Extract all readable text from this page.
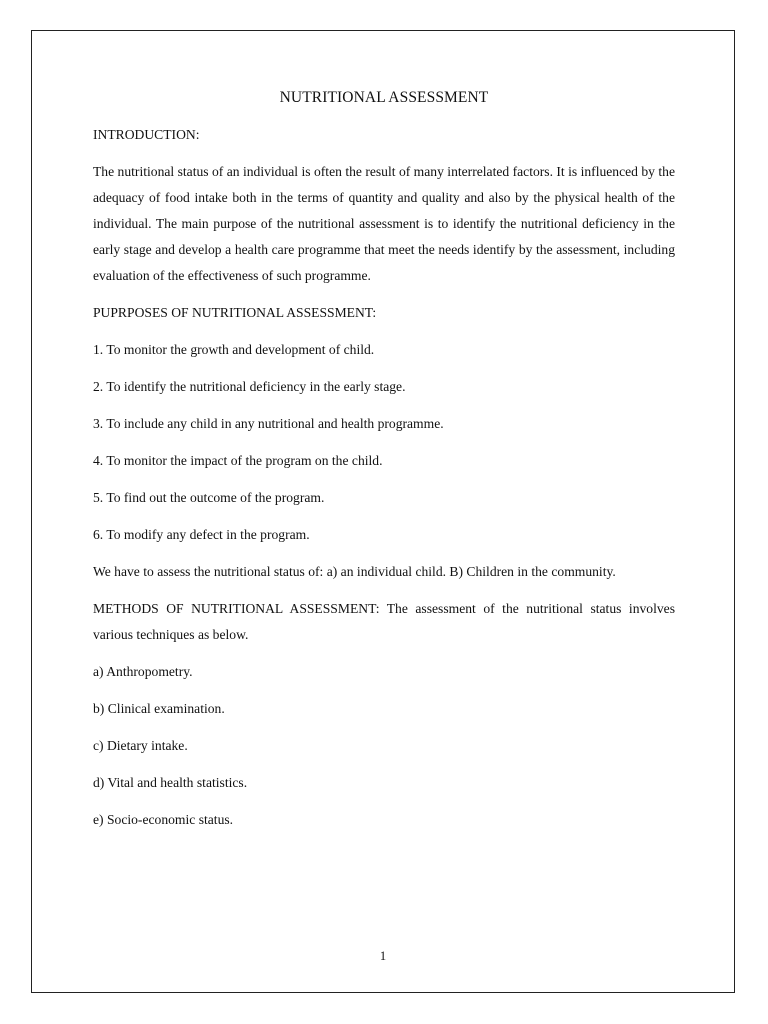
NUTRITIONAL ASSESSMENT
INTRODUCTION:
The nutritional status of an individual is often the result of many interrelated factors. It is influenced by the adequacy of food intake both in the terms of quantity and quality and also by the physical health of the individual. The main purpose of the nutritional assessment is to identify the nutritional deficiency in the early stage and develop a health care programme that meet the needs identify by the assessment, including evaluation of the effectiveness of such programme.
PUPRPOSES OF NUTRITIONAL ASSESSMENT:
1. To monitor the growth and development of child.
2. To identify the nutritional deficiency in the early stage.
3. To include any child in any nutritional and health programme.
4. To monitor the impact of the program on the child.
5. To find out the outcome of the program.
6. To modify any defect in the program.
We have to assess the nutritional status of: a) an individual child. B) Children in the community.
METHODS OF NUTRITIONAL ASSESSMENT: The assessment of the nutritional status involves various techniques as below.
a) Anthropometry.
b) Clinical examination.
c) Dietary intake.
d) Vital and health statistics.
e) Socio-economic status.
1
